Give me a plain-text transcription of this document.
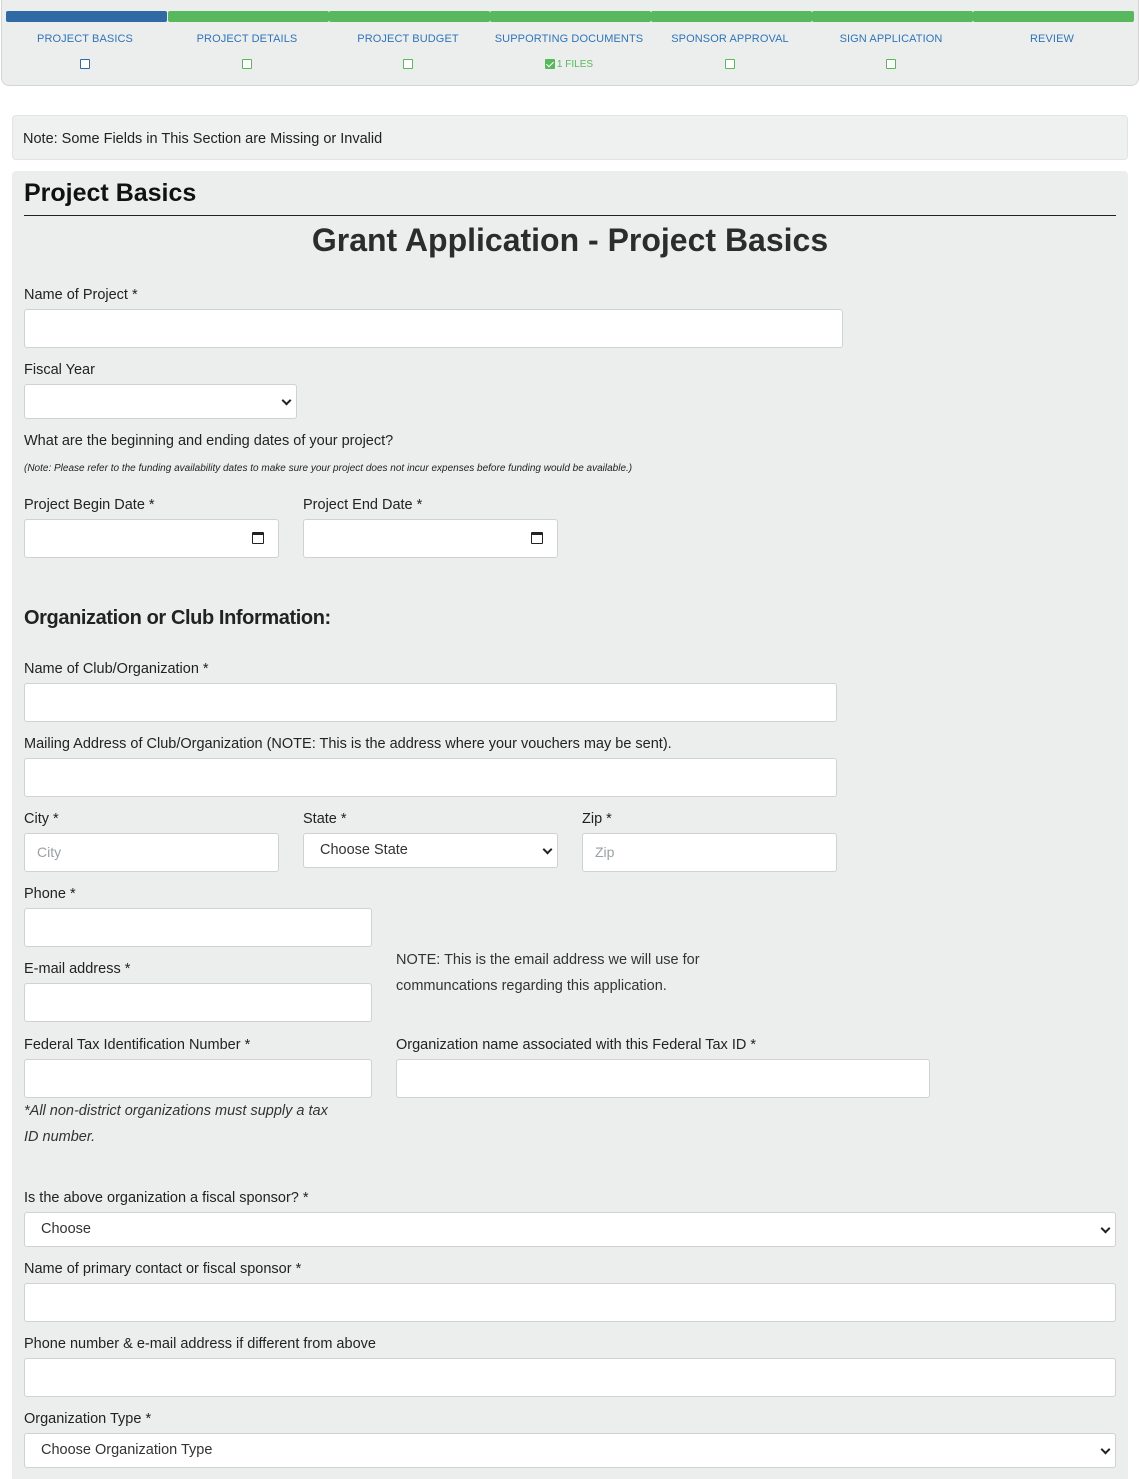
PROJECT BASICS	PROJECT DETAILS	PROJECT BUDGET	SUPPORTING DOCUMENTS
1 FILES
SPONSOR APPROVAL	SIGN APPLICATION	REVIEW
Note: Some Fields in This Section are Missing or Invalid
Project Basics
Grant Application - Project Basics
Name of Project *
Fiscal Year
What are the beginning and ending dates of your project?
(Note: Please refer to the funding availability dates to make sure your project does not incur expenses before funding would be available.)
Project Begin Date *	Project End Date *
Organization or Club Information:
Name of Club/Organization *
Mailing Address of Club/Organization (NOTE: This is the address where your vouchers may be sent).
City *
City
State *
Choose State
Zip *
Zip
Phone *
E-mail address *
NOTE: This is the email address we will use for
communcations regarding this application.
Federal Tax Identification Number *	Organization name associated with this Federal Tax ID *
*All non-district organizations must supply a tax
ID number.
Is the above organization a fiscal sponsor? *
Choose
Name of primary contact or fiscal sponsor *
Phone number & e-mail address if different from above
Organization Type *
Choose Organization Type
